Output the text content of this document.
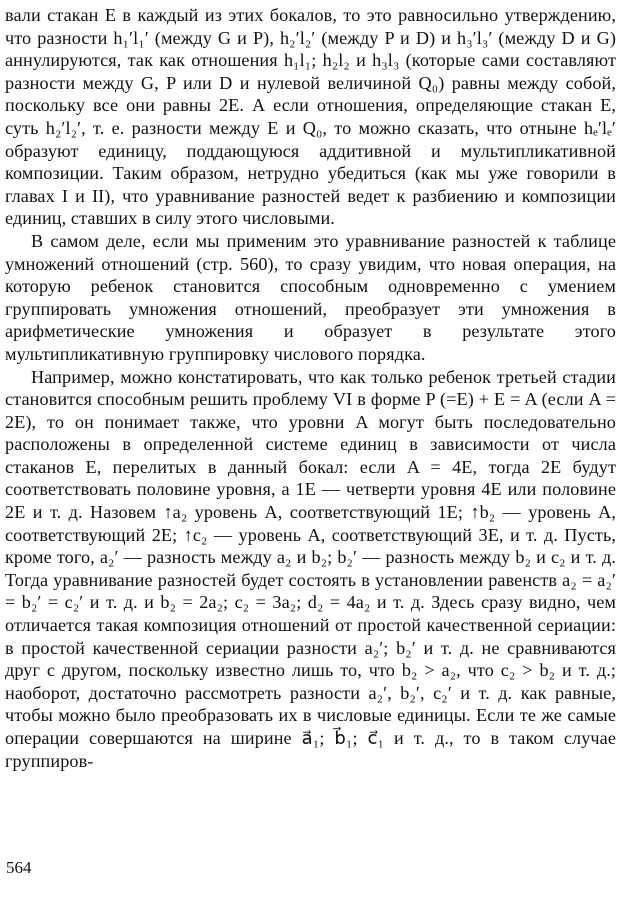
вали стакан E в каждый из этих бокалов, то это равносильно утверждению, что разности h₁′l₁′ (между G и P), h₂′l₂′ (между P и D) и h₃′l₃′ (между D и G) аннулируются, так как отношения h₁l₁; h₂l₂ и h₃l₃ (которые сами составляют разности между G, P или D и нулевой величиной Q₀) равны между собой, поскольку все они равны 2E. А если отношения, определяющие стакан E, суть h₂′l₂′, т. е. разности между E и Q₀, то можно сказать, что отныне hₑ′lₑ′ образуют единицу, поддающуюся аддитивной и мультипликативной композиции. Таким образом, нетрудно убедиться (как мы уже говорили в главах I и II), что уравнивание разностей ведет к разбиению и композиции единиц, ставших в силу этого числовыми.

В самом деле, если мы применим это уравнивание разностей к таблице умножений отношений (стр. 560), то сразу увидим, что новая операция, на которую ребенок становится способным одновременно с умением группировать умножения отношений, преобразует эти умножения в арифметические умножения и образует в результате этого мультипликативную группировку числового порядка.

Например, можно констатировать, что как только ребенок третьей стадии становится способным решить проблему VI в форме P (=E) + E = A (если A = 2E), то он понимает также, что уровни A могут быть последовательно расположены в определенной системе единиц в зависимости от числа стаканов E, перелитых в данный бокал: если A = 4E, тогда 2E будут соответствовать половине уровня, а 1E — четверти уровня 4E или половине 2E и т. д. Назовем ↑a₂ уровень A, соответствующий 1E; ↑b₂ — уровень A, соответствующий 2E; ↑c₂ — уровень A, соответствующий 3E, и т. д. Пусть, кроме того, a₂′ — разность между a₂ и b₂; b₂′ — разность между b₂ и c₂ и т. д. Тогда уравнивание разностей будет состоять в установлении равенств a₂ = a₂′ = b₂′ = c₂′ и т. д. и b₂ = 2a₂; c₂ = 3a₂; d₂ = 4a₂ и т. д. Здесь сразу видно, чем отличается такая композиция отношений от простой качественной сериации: в простой качественной сериации разности a₂′; b₂′ и т. д. не сравниваются друг с другом, поскольку известно лишь то, что b₂ > a₂, что c₂ > b₂ и т. д.; наоборот, достаточно рассмотреть разности a₂′, b₂′, c₂′ и т. д. как равные, чтобы можно было преобразовать их в числовые единицы. Если те же самые операции совершаются на ширине a⃗₁; b⃗₁; c⃗₁ и т. д., то в таком случае группиров-

564
